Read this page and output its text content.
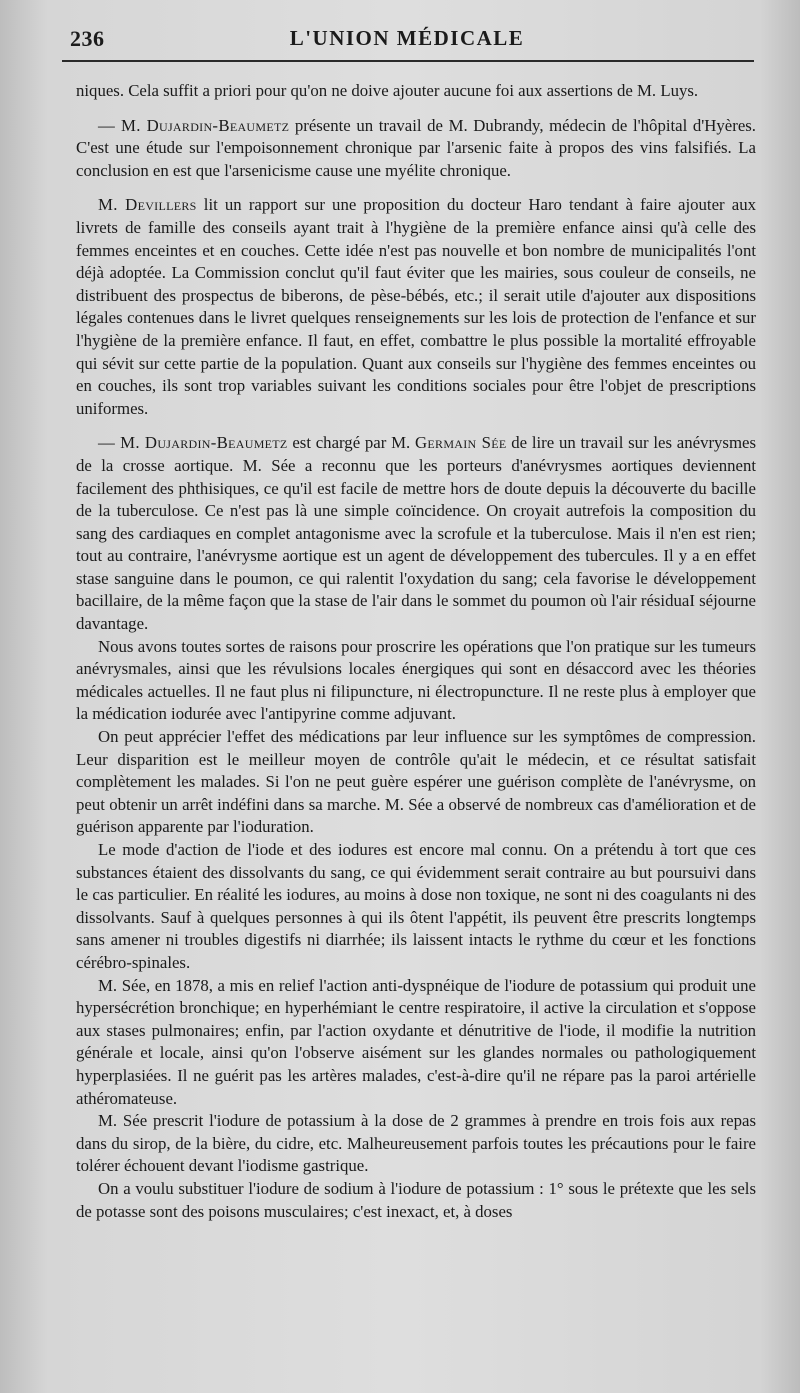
236	L'UNION MÉDICALE

niques. Cela suffit a priori pour qu'on ne doive ajouter aucune foi aux assertions de M. Luys.

— M. Dujardin-Beaumetz présente un travail de M. Dubrandy, médecin de l'hôpital d'Hyères. C'est une étude sur l'empoisonnement chronique par l'arsenic faite à propos des vins falsifiés. La conclusion en est que l'arsenicisme cause une myélite chronique.

M. Devillers lit un rapport sur une proposition du docteur Haro tendant à faire ajouter aux livrets de famille des conseils ayant trait à l'hygiène de la première enfance ainsi qu'à celle des femmes enceintes et en couches. Cette idée n'est pas nouvelle et bon nombre de municipalités l'ont déjà adoptée. La Commission conclut qu'il faut éviter que les mairies, sous couleur de conseils, ne distribuent des prospectus de biberons, de pèse-bébés, etc.; il serait utile d'ajouter aux dispositions légales contenues dans le livret quelques renseignements sur les lois de protection de l'enfance et sur l'hygiène de la première enfance. Il faut, en effet, combattre le plus possible la mortalité effroyable qui sévit sur cette partie de la population. Quant aux conseils sur l'hygiène des femmes enceintes ou en couches, ils sont trop variables suivant les conditions sociales pour être l'objet de prescriptions uniformes.

— M. Dujardin-Beaumetz est chargé par M. Germain Sée de lire un travail sur les anévrysmes de la crosse aortique. M. Sée a reconnu que les porteurs d'anévrysmes aortiques deviennent facilement des phthisiques, ce qu'il est facile de mettre hors de doute depuis la découverte du bacille de la tuberculose. Ce n'est pas là une simple coïncidence. On croyait autrefois la composition du sang des cardiaques en complet antagonisme avec la scrofule et la tuberculose. Mais il n'en est rien; tout au contraire, l'anévrysme aortique est un agent de développement des tubercules. Il y a en effet stase sanguine dans le poumon, ce qui ralentit l'oxydation du sang; cela favorise le développement bacillaire, de la même façon que la stase de l'air dans le sommet du poumon où l'air résiduaI séjourne davantage.

Nous avons toutes sortes de raisons pour proscrire les opérations que l'on pratique sur les tumeurs anévrysmales, ainsi que les révulsions locales énergiques qui sont en désaccord avec les théories médicales actuelles. Il ne faut plus ni filipuncture, ni électropuncture. Il ne reste plus à employer que la médication iodurée avec l'antipyrine comme adjuvant.

On peut apprécier l'effet des médications par leur influence sur les symptômes de compression. Leur disparition est le meilleur moyen de contrôle qu'ait le médecin, et ce résultat satisfait complètement les malades. Si l'on ne peut guère espérer une guérison complète de l'anévrysme, on peut obtenir un arrêt indéfini dans sa marche. M. Sée a observé de nombreux cas d'amélioration et de guérison apparente par l'ioduration.

Le mode d'action de l'iode et des iodures est encore mal connu. On a prétendu à tort que ces substances étaient des dissolvants du sang, ce qui évidemment serait contraire au but poursuivi dans le cas particulier. En réalité les iodures, au moins à dose non toxique, ne sont ni des coagulants ni des dissolvants. Sauf à quelques personnes à qui ils ôtent l'appétit, ils peuvent être prescrits longtemps sans amener ni troubles digestifs ni diarrhée; ils laissent intacts le rythme du cœur et les fonctions cérébro-spinales.

M. Sée, en 1878, a mis en relief l'action anti-dyspnéique de l'iodure de potassium qui produit une hypersécrétion bronchique; en hyperhémiant le centre respiratoire, il active la circulation et s'oppose aux stases pulmonaires; enfin, par l'action oxydante et dénutritive de l'iode, il modifie la nutrition générale et locale, ainsi qu'on l'observe aisément sur les glandes normales ou pathologiquement hyperplasiées. Il ne guérit pas les artères malades, c'est-à-dire qu'il ne répare pas la paroi artérielle athéromateuse.

M. Sée prescrit l'iodure de potassium à la dose de 2 grammes à prendre en trois fois aux repas dans du sirop, de la bière, du cidre, etc. Malheureusement parfois toutes les précautions pour le faire tolérer échouent devant l'iodisme gastrique.

On a voulu substituer l'iodure de sodium à l'iodure de potassium : 1° sous le prétexte que les sels de potasse sont des poisons musculaires; c'est inexact, et, à doses
